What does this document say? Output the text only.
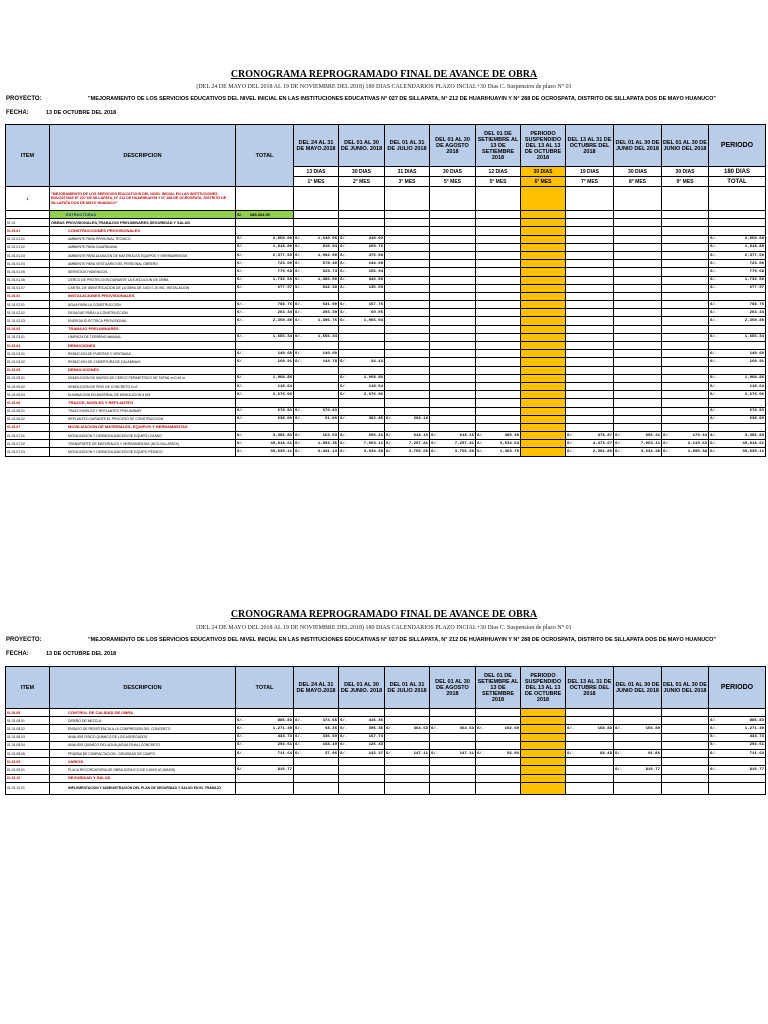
CRONOGRAMA REPROGRAMADO FINAL DE AVANCE DE OBRA
(DEL 24 DE MAYO DEL 2018 AL 19 DE NOVIEMBRE DEL 2018) 180 DIAS CALENDARIOS PLAZO INCIAL+30 Dias C. Suspension de plazo N° 01
PROYECTO:	"MEJORAMIENTO DE LOS SERVICIOS EDUCATIVOS DEL NIVEL INICIAL EN LAS INSTITUCIONES EDUCATIVAS N° 027 DE SILLAPATA, N° 212 DE HUARIHUAYIN Y N° 288 DE OCROSPATA, DISTRITO DE SILLAPATA DOS DE MAYO HUANUCO"
FECHA:	13 DE OCTUBRE DEL 2018
ITEM	DESCRIPCION	TOTAL	DEL 24 AL 31 DE MAYO.2018	DEL 01 AL 30 DE JUNIO. 2018	DEL 01 AL 31 DE JULIO 2018	DEL 01 AL 30 DE AGOSTO 2018	DEL 01 DE SETIEMBRE AL 13 DE SETIEMBRE 2018	PERIODO SUSPENDIDO DEL 13 AL 13 DE OCTUBRE 2018	DEL 13 AL 31 DE OCTUBRE DEL 2018	DEL 01 AL 30 DE JUNIO DEL 2018	DEL 01 AL 30 DE JUNIO DEL 2018	PERIODO
			13 DIAS	30 DIAS	31 DIAS	30 DIAS	12 DIAS	30 DIAS	19 DIAS	30 DIAS	30 DIAS	180 DIAS
			1° MES	2° MES	3° MES	5° MES	5° MES	6° MES	7° MES	8° MES	9° MES	TOTAL
1	"MEJORAMIENTO DE LOS SERVICIOS EDUCATIVOS DEL NIVEL INICIAL EN LAS INSTITUCIONES EDUCATIVAS N° 027 DE SILLAPATA, N° 212 DE HUARIHUAYIN Y N° 288 DE OCROSPATA, DISTRITO DE SILLAPATA DOS DE MAYO HUANUCO"											
	ESTRUCTURAS	S/. 285,404.00										
01.01	OBRAS PROVISIONALES,TRABAJOS PRELIMINARES,SEGURIDAD Y SALUD											
01.01.01	CONSTRUCCIONES PROVISIONALES											
01.01.01.01	AMBIENTE PARA PERSONAL TECNICO	S/. 2,050.08	S/. 1,640.06	S/. 410.02								S/. 2,050.08
01.01.01.02	AMBIENTE PARA GUARDIANIA	S/. 1,018.80	S/. 815.04	S/. 203.76								S/. 1,018.80
01.01.01.03	AMBIENTE PARA ALMACEN DE MATERIALES EQUIPOS Y HERRAMIENTAS	S/. 2,377.50	S/. 1,902.00	S/. 475.50								S/. 2,377.50
01.01.01.04	AMBIENTE PARA VESTUARIO DEL PERSONAL OBRERO	S/. 723.00	S/. 578.40	S/. 144.60								S/. 723.00
01.01.01.05	SERVICIOS HIGIENICOS	S/. 779.68	S/. 623.74	S/. 155.94								S/. 779.68
01.01.01.06	CERCO DE PROTECCION DURANTE LA EJECUCION DE OBRA	S/. 1,732.50	S/. 1,386.00	S/. 346.50								S/. 1,732.50
01.01.01.07	CARTEL DE IDENTIFICACION DE LA OBRA DE 3.60X7.20 INC. INSTALACION	S/. 677.97	S/. 542.38	S/. 135.59								S/. 677.97
01.01.02	INSTALACIONES PROVISIONALES											
01.01.02.01	AGUA PARA LA CONSTRUCCION	S/. 788.76	S/. 631.00	S/. 157.76								S/. 788.76
01.01.02.02	DESAGUE PARA LA CONSTRUCCION	S/. 264.34	S/. 203.39	S/. 60.95								S/. 264.34
01.01.02.03	ENERGIA ELECTRICA PROVISIONAL	S/. 2,360.80	S/. 1,305.76	S/. 1,055.04								S/. 2,360.80
01.01.03	TRABAJO PRELIMINARES											
01.01.03.01	LIMPIEZA DE TERRENO MANUAL	S/. 1,555.34	S/. 1,555.34									S/. 1,555.34
01.01.04	REMOCIONES											
01.01.04.01	REMOCION DE PUERTAS Y VENTANAS	S/. 140.60	S/. 140.60									S/. 140.60
01.01.04.02	REMOCION DE COBERTURA DE CALAMINAS	S/. 168.91	S/. 144.78	S/. 24.13								S/. 168.91
01.01.05	DEMOLICIONES											
01.01.05.01	DEMOLICION DE MUROS DE CERCO PERIMETRICO DE TAPIAL e=0.40 m	S/. 1,968.86		S/. 1,968.86								S/. 1,968.86
01.01.05.02	DEMOLICION DE PISO DE CONCRETO h=4"	S/. 118.64		S/. 118.64								S/. 118.64
01.01.05.03	ELIMINACION EN MATERIAL DE DEMOLICION 5 KM	S/. 2,676.06		S/. 2,676.06								S/. 2,676.06
01.01.06	TRAZOS, NIVELES Y REPLANTEO											
01.01.06.01	TRAZO NIVELES Y REPLANTEO PRELIMINAR	S/. 670.83	S/. 670.83									S/. 670.83
01.01.06.02	REPLANTEO DURANTE EL PROCESO DE CONSTRUCCION	S/. 638.09	S/. 61.06	S/. 382.85	S/. 204.18							S/. 638.09
01.01.07	MOVILIZACION DE MATERIALES, EQUIPOS Y HERRAMIENTAS											
01.01.07.01	MOVILIZACION Y DESMOVILIZACION DE EQUIPO LIVIANO	S/. 3,385.83	S/. 153.63	S/. 696.21	S/. 618.16	S/. 618.16	S/. 389.30		S/. 378.87	S/. 696.21	S/. 179.44	S/. 3,385.83
01.01.07.02	TRANSPORTE DE MATERIALES Y HERRAMIENTAS (HCO-SILLAPATA)	S/. 40,818.61	S/. 1,893.35	S/. 7,063.11	S/. 7,297.81	S/. 7,297.81	S/. 3,534.54		S/. 4,473.67	S/. 7,063.11	S/. 2,119.63	S/. 40,818.61
01.01.07.03	MOVILIZACION Y DESMOVILIZACION DE EQUIPO PESADO	S/. 30,539.11	S/. 3,431.13	S/. 3,634.38	S/. 3,755.60	S/. 3,755.60	S/. 1,453.70		S/. 2,301.89	S/. 3,634.38	S/. 1,090.38	S/. 30,539.11
CRONOGRAMA REPROGRAMADO FINAL DE AVANCE DE OBRA
(DEL 24 DE MAYO DEL 2018 AL 19 DE NOVIEMBRE DEL 2018) 180 DIAS CALENDARIOS PLAZO INCIAL+30 Dias C. Suspension de plazo N° 01
PROYECTO:	"MEJORAMIENTO DE LOS SERVICIOS EDUCATIVOS DEL NIVEL INICIAL EN LAS INSTITUCIONES EDUCATIVAS N° 027 DE SILLAPATA, N° 212 DE HUARIHUAYIN Y N° 288 DE OCROSPATA, DISTRITO DE SILLAPATA DOS DE MAYO HUANUCO"
FECHA:	13 DE OCTUBRE DEL 2018
ITEM	DESCRIPCION	TOTAL	DEL 24 AL 31 DE MAYO.2018	DEL 01 AL 30 DE JUNIO. 2018	DEL 01 AL 31 DE JULIO 2018	DEL 01 AL 30 DE AGOSTO 2018	DEL 01 DE SETIEMBRE AL 13 DE SETIEMBRE 2018	PERIODO SUSPENDIDO DEL 13 AL 13 DE OCTUBRE 2018	DEL 13 AL 31 DE OCTUBRE DEL 2018	DEL 01 AL 30 DE JUNIO DEL 2018	DEL 01 AL 30 DE JUNIO DEL 2018	PERIODO
01.01.08	CONTROL DE CALIDAD DE OBRA											
01.01.08.01	DISEÑO DE MEZCLA	S/. 885.83	S/. 474.55	S/. 415.36								S/. 885.83
01.01.08.02	ENSAYO DE RESISTENCIA A LA COMPRESION DEL CONCRETO	S/. 1,271.40	S/. 68.36	S/. 395.35	S/. 364.53	S/. 364.53	S/. 102.60		S/. 158.83	S/. 156.89		S/. 1,271.40
01.01.08.03	ANALISIS FISICO QUIMICO DE LOS AGREGADOS	S/. 433.73	S/. 336.59	S/. 157.74								S/. 433.73
01.01.08.04	ANALISIS QUIMICO DEL AGUA (AGUA FINAL) CONCRETO	S/. 294.61	S/. 168.19	S/. 126.43								S/. 294.61
01.01.08.05	PRUEBA DE COMPACTACION - DENSIDAD DE CAMPO	S/. 711.64	S/. 37.96	S/. 142.37	S/. 147.11	S/. 147.11	S/. 56.96		S/. 88.48	S/. 91.86		S/. 711.64
01.01.09	VARIOS											
01.01.09.01	PLACA RECORDATORIA DE OBRA ACRILICO DE 0.60X0.40 (MASIS)	S/. 816.77								S/. 816.77		S/. 816.77
01.01.10	SEGURIDAD Y SALUD											
01.01.10.01	IMPLEMENTACION Y ADMINISTRACIÓN DEL PLAN DE SEGURIDAD Y SALUD EN EL TRABAJO											
